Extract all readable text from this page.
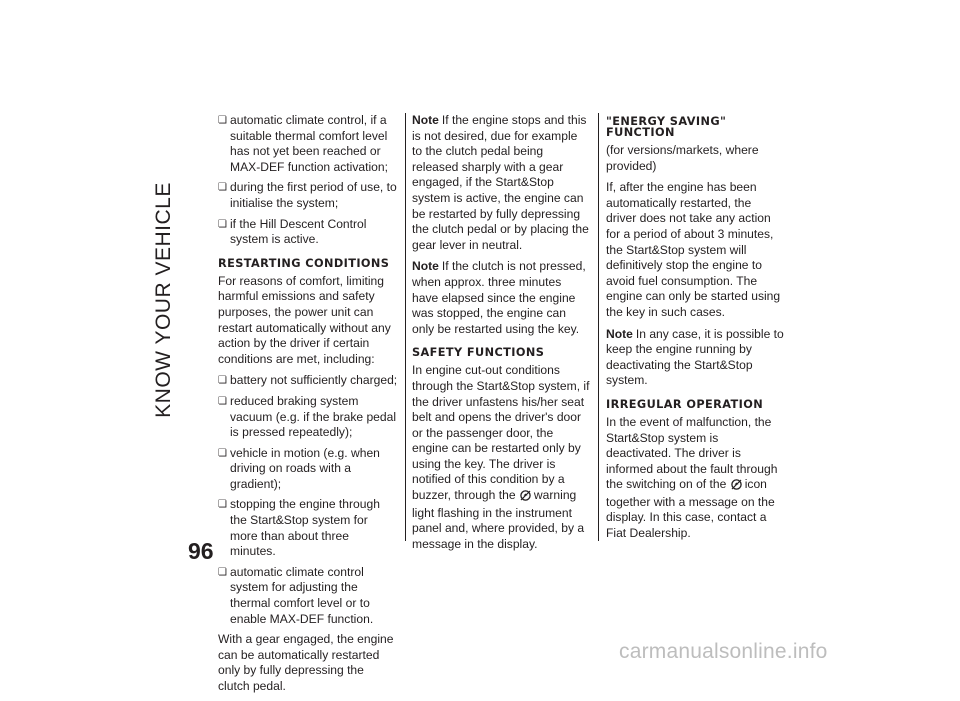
KNOW YOUR VEHICLE
96
❏ automatic climate control, if a suitable thermal comfort level has not yet been reached or MAX-DEF function activation;
❏ during the first period of use, to initialise the system;
❏ if the Hill Descent Control system is active.
RESTARTING CONDITIONS

For reasons of comfort, limiting harmful emissions and safety purposes, the power unit can restart automatically without any action by the driver if certain conditions are met, including:

❏ battery not sufficiently charged;
❏ reduced braking system vacuum (e.g. if the brake pedal is pressed repeatedly);
❏ vehicle in motion (e.g. when driving on roads with a gradient);
❏ stopping the engine through the Start&Stop system for more than about three minutes.
❏ automatic climate control system for adjusting the thermal comfort level or to enable MAX-DEF function.

With a gear engaged, the engine can be automatically restarted only by fully depressing the clutch pedal.

Note If the engine stops and this is not desired, due for example to the clutch pedal being released sharply with a gear engaged, if the Start&Stop system is active, the engine can be restarted by fully depressing the clutch pedal or by placing the gear lever in neutral.

Note If the clutch is not pressed, when approx. three minutes have elapsed since the engine was stopped, the engine can only be restarted using the key.

SAFETY FUNCTIONS

In engine cut-out conditions through the Start&Stop system, if the driver unfastens his/her seat belt and opens the driver's door or the passenger door, the engine can be restarted only by using the key. The driver is notified of this condition by a buzzer, through the warning light flashing in the instrument panel and, where provided, by a message in the display.

"ENERGY SAVING" FUNCTION

(for versions/markets, where provided)

If, after the engine has been automatically restarted, the driver does not take any action for a period of about 3 minutes, the Start&Stop system will definitively stop the engine to avoid fuel consumption. The engine can only be started using the key in such cases.

Note In any case, it is possible to keep the engine running by deactivating the Start&Stop system.

IRREGULAR OPERATION

In the event of malfunction, the Start&Stop system is deactivated. The driver is informed about the fault through the switching on of the icon together with a message on the display. In this case, contact a Fiat Dealership.

carmanualsonline.info
